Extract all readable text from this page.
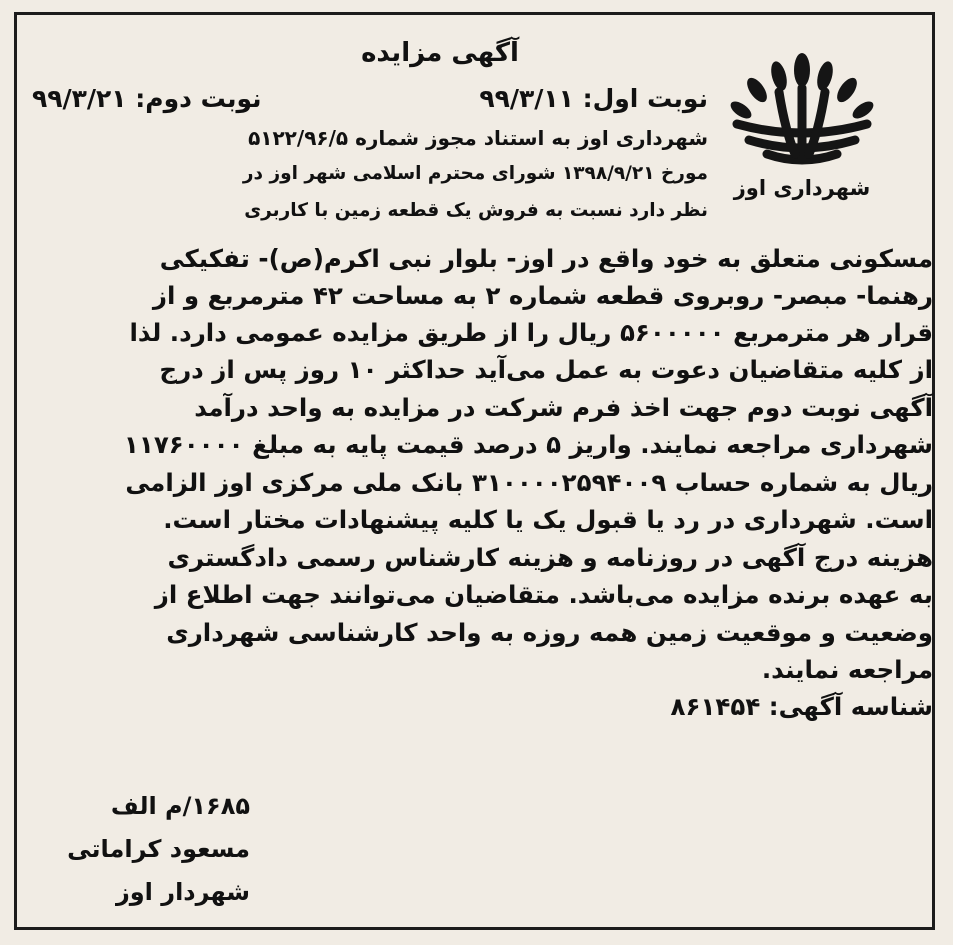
شهرداری اوز
آگهی مزایده
نوبت اول: ۹۹/۳/۱۱
نوبت دوم: ۹۹/۳/۲۱
شهرداری اوز به استناد مجوز شماره ۵۱۲۲/۹۶/۵
مورخ ۱۳۹۸/۹/۲۱ شورای محترم اسلامی شهر اوز در
نظر دارد نسبت به فروش یک قطعه زمین با کاربری
مسکونی متعلق به خود واقع در اوز- بلوار نبی اکرم(ص)- تفکیکی
رهنما- مبصر- روبروی قطعه شماره ۲ به مساحت ۴۲ مترمربع و از
قرار هر مترمربع ۵۶۰۰۰۰۰ ریال را از طریق مزایده عمومی دارد. لذا
از کلیه متقاضیان دعوت به عمل می‌آید حداکثر ۱۰ روز پس از درج
آگهی نوبت دوم جهت اخذ فرم شرکت در مزایده به واحد درآمد
شهرداری مراجعه نمایند. واریز ۵ درصد قیمت پایه به مبلغ ۱۱۷۶۰۰۰۰
ریال به شماره حساب ۳۱۰۰۰۰۲۵۹۴۰۰۹ بانک ملی مرکزی اوز الزامی
است. شهرداری در رد یا قبول یک یا کلیه پیشنهادات مختار است.
هزینه درج آگهی در روزنامه و هزینه کارشناس رسمی دادگستری
به عهده برنده مزایده می‌باشد. متقاضیان می‌توانند جهت اطلاع از
وضعیت و موقعیت زمین همه روزه به واحد کارشناسی شهرداری
مراجعه نمایند.
شناسه آگهی: ۸۶۱۴۵۴
۱۶۸۵/م الف
مسعود کراماتی
شهردار اوز
